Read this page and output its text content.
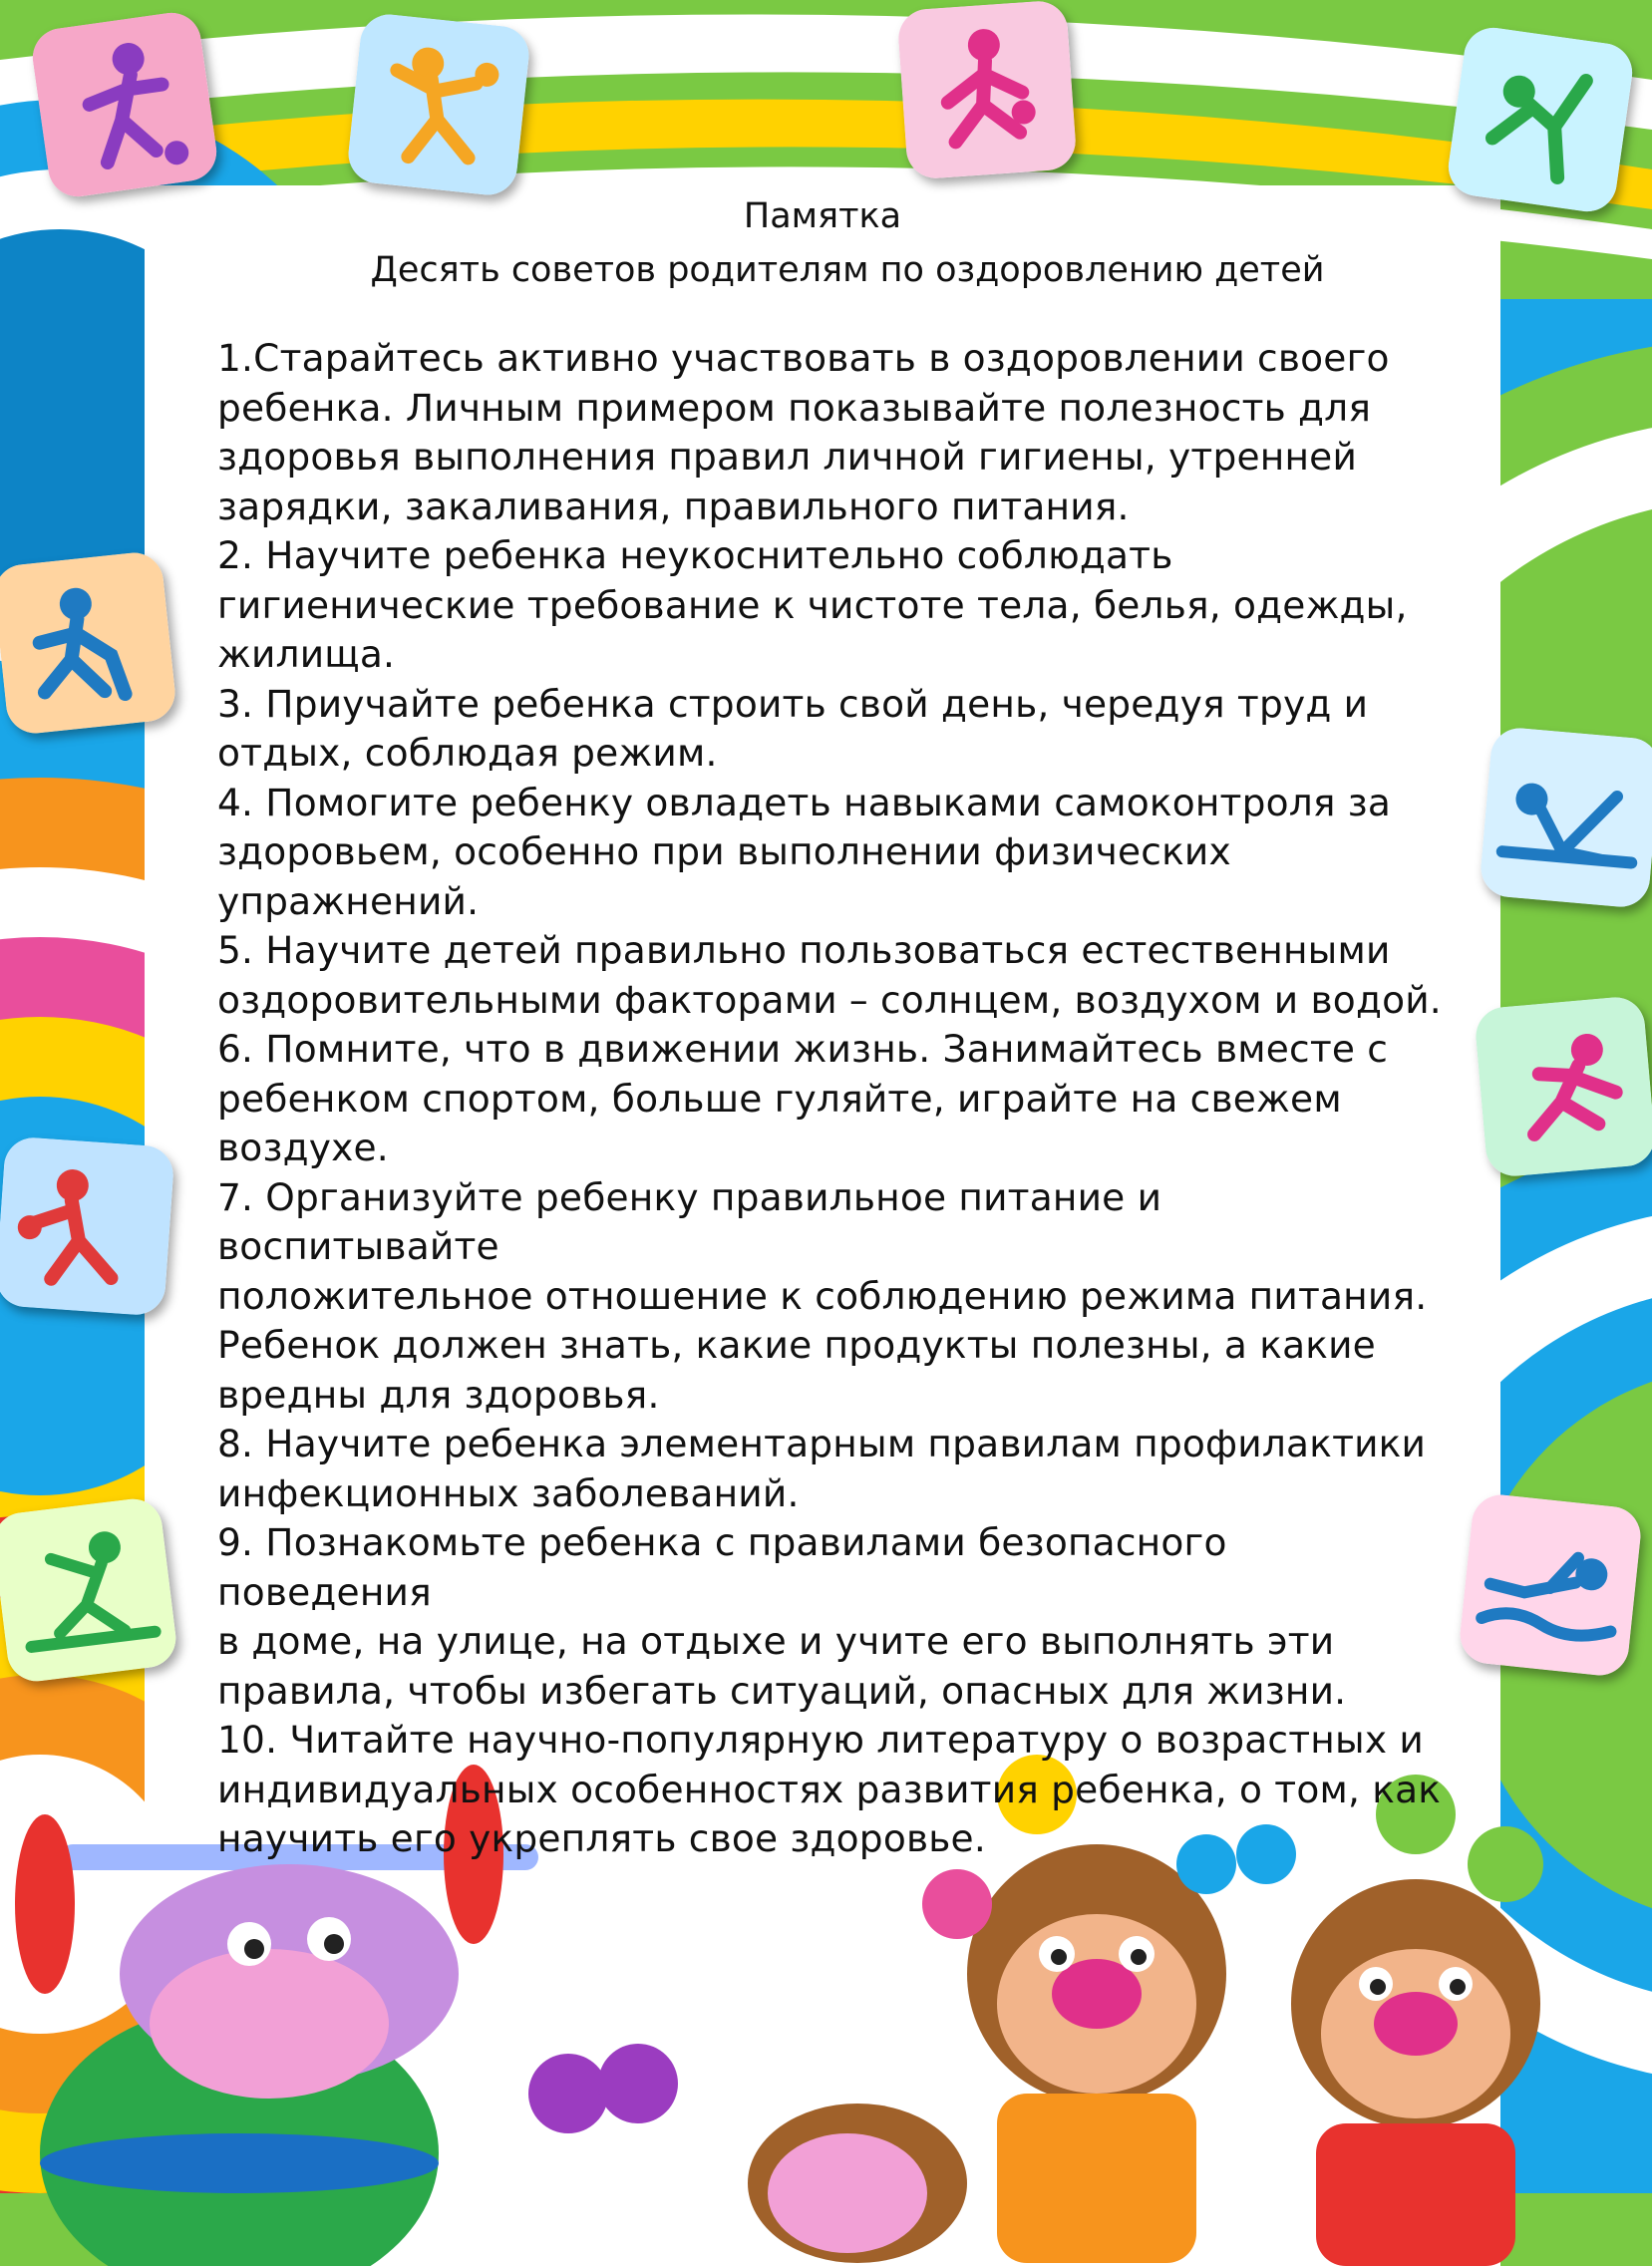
Памятка
Десять советов родителям по оздоровлению детей

1.Старайтесь активно участвовать в оздоровлении своего
ребенка. Личным примером показывайте полезность для
здоровья выполнения правил личной гигиены, утренней
зарядки, закаливания, правильного питания.

2. Научите ребенка неукоснительно соблюдать
гигиенические требование к чистоте тела, белья, одежды,
жилища.

3. Приучайте ребенка строить свой день, чередуя труд и
отдых, соблюдая режим.

4. Помогите ребенку овладеть навыками самоконтроля за
здоровьем, особенно при выполнении физических
упражнений.

5. Научите детей правильно пользоваться естественными
оздоровительными факторами – солнцем, воздухом и водой.

6. Помните, что в движении жизнь. Занимайтесь вместе с
ребенком спортом, больше гуляйте, играйте на свежем
воздухе.

7. Организуйте ребенку правильное питание и воспитывайте
положительное отношение к соблюдению режима питания.
Ребенок должен знать, какие продукты полезны, а какие
вредны для здоровья.

8. Научите ребенка элементарным правилам профилактики
инфекционных заболеваний.

9. Познакомьте ребенка с правилами безопасного поведения
в доме, на улице, на отдыхе и учите его выполнять эти
правила, чтобы избегать ситуаций, опасных для жизни.

10. Читайте научно-популярную литературу о возрастных и
индивидуальных особенностях развития ребенка, о том, как
научить его укреплять свое здоровье.
